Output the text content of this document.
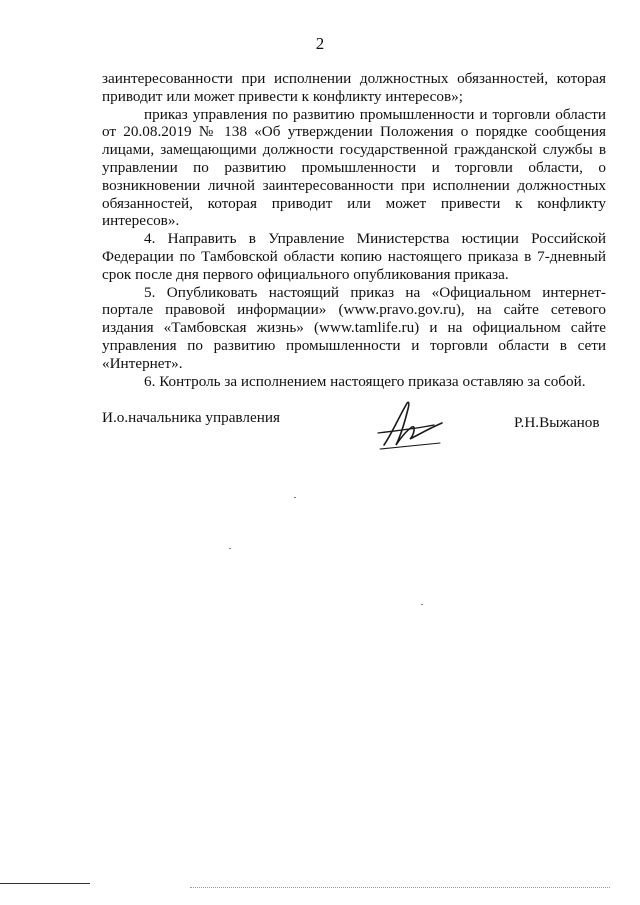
2

заинтересованности при исполнении должностных обязанностей, которая приводит или может привести к конфликту интересов»;

приказ управления по развитию промышленности и торговли области от 20.08.2019 № 138 «Об утверждении Положения о порядке сообщения лицами, замещающими должности государственной гражданской службы в управлении по развитию промышленности и торговли области, о возникновении личной заинтересованности при исполнении должностных обязанностей, которая приводит или может привести к конфликту интересов».

4. Направить в Управление Министерства юстиции Российской Федерации по Тамбовской области копию настоящего приказа в 7-дневный срок после дня первого официального опубликования приказа.

5. Опубликовать настоящий приказ на «Официальном интернет-портале правовой информации» (www.pravo.gov.ru), на сайте сетевого издания «Тамбовская жизнь» (www.tamlife.ru) и на официальном сайте управления по развитию промышленности и торговли области в сети «Интернет».

6. Контроль за исполнением настоящего приказа оставляю за собой.

И.о.начальника управления	Р.Н.Выжанов
